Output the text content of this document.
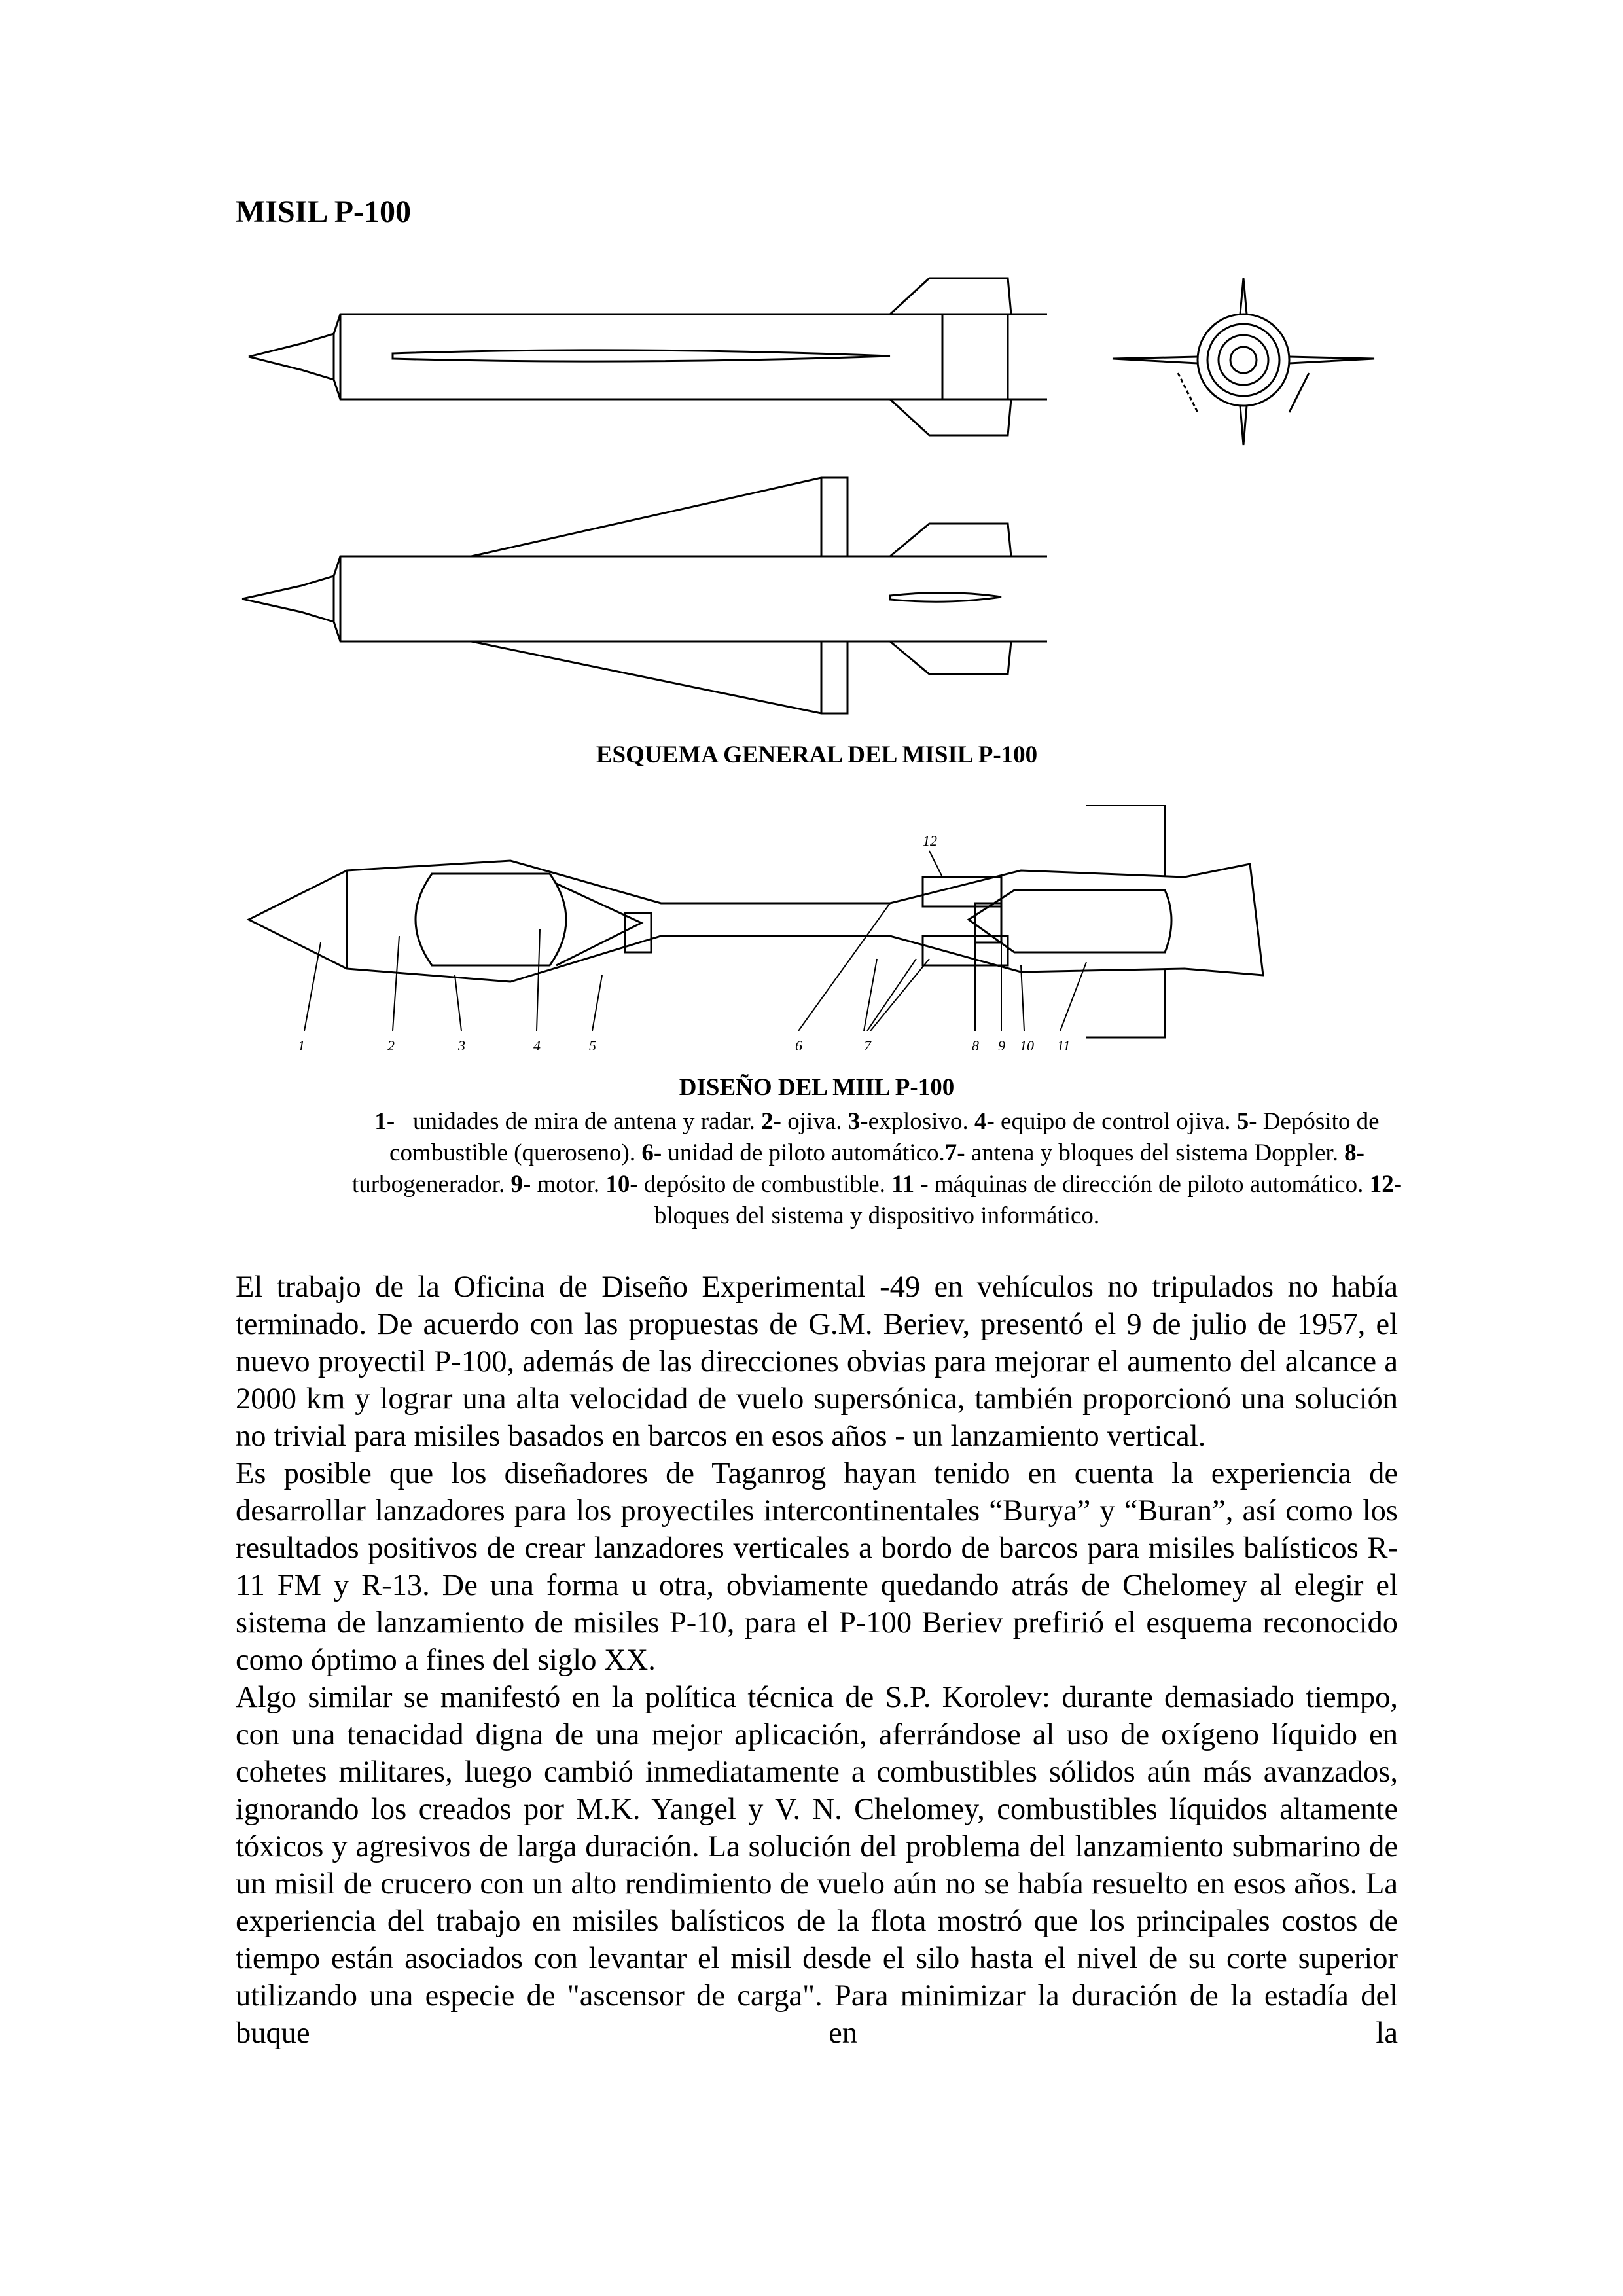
MISIL P-100
ESQUEMA GENERAL DEL MISIL P-100
1	2	3	4	5	6	7	8 9 10 11
12
DISEÑO DEL MIIL P-100
1-   unidades de mira de antena y radar. 2- ojiva. 3-explosivo. 4- equipo de control ojiva. 5- Depósito de combustible (queroseno). 6- unidad de piloto automático.7- antena y bloques del sistema Doppler. 8- turbogenerador. 9- motor. 10- depósito de combustible. 11 - máquinas de dirección de piloto automático. 12- bloques del sistema y dispositivo informático.

El trabajo de la Oficina de Diseño Experimental -49 en vehículos no tripulados no había terminado. De acuerdo con las propuestas de G.M. Beriev, presentó el 9 de julio de 1957, el nuevo proyectil P-100, además de las direcciones obvias para mejorar el aumento del alcance a 2000 km y lograr una alta velocidad de vuelo supersónica, también proporcionó una solución no trivial para misiles basados en barcos en esos años - un lanzamiento vertical.

Es posible que los diseñadores de Taganrog hayan tenido en cuenta la experiencia de desarrollar lanzadores para los proyectiles intercontinentales “Burya” y “Buran”, así como los resultados positivos de crear lanzadores verticales a bordo de barcos para misiles balísticos R-11 FM y R-13. De una forma u otra, obviamente quedando atrás de Chelomey al elegir el sistema de lanzamiento de misiles P-10, para el P-100 Beriev prefirió el esquema reconocido como óptimo a fines del siglo XX.

Algo similar se manifestó en la política técnica de S.P. Korolev: durante demasiado tiempo, con una tenacidad digna de una mejor aplicación, aferrándose al uso de oxígeno líquido en cohetes militares, luego cambió inmediatamente a combustibles sólidos aún más avanzados, ignorando los creados por M.K. Yangel y V. N. Chelomey, combustibles líquidos altamente tóxicos y agresivos de larga duración. La solución del problema del lanzamiento submarino de un misil de crucero con un alto rendimiento de vuelo aún no se había resuelto en esos años. La experiencia del trabajo en misiles balísticos de la flota mostró que los principales costos de tiempo están asociados con levantar el misil desde el silo hasta el nivel de su corte superior utilizando una especie de "ascensor de carga". Para minimizar la duración de la estadía del buque en la
